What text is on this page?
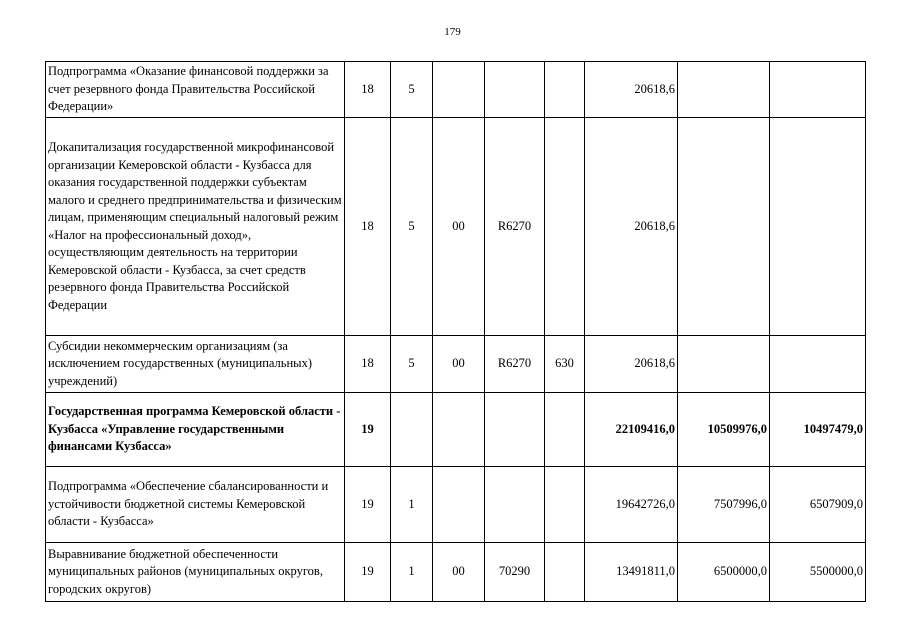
179
Подпрограмма «Оказание финансовой поддержки за счет резервного фонда Правительства Российской Федерации»	18	5				20618,6		
Докапитализация государственной микрофинансовой организации Кемеровской области - Кузбасса для оказания государственной поддержки субъектам малого и среднего предпринимательства и физическим лицам, применяющим специальный налоговый режим «Налог на профессиональный доход», осуществляющим деятельность на территории Кемеровской области - Кузбасса, за счет средств резервного фонда Правительства Российской Федерации	18	5	00	R6270		20618,6		
Субсидии некоммерческим организациям (за исключением государственных (муниципальных) учреждений)	18	5	00	R6270	630	20618,6		
Государственная программа Кемеровской области - Кузбасса «Управление государственными финансами Кузбасса»	19					22109416,0	10509976,0	10497479,0
Подпрограмма «Обеспечение сбалансированности и устойчивости бюджетной системы Кемеровской области - Кузбасса»	19	1				19642726,0	7507996,0	6507909,0
Выравнивание бюджетной обеспеченности муниципальных районов (муниципальных округов, городских округов)	19	1	00	70290		13491811,0	6500000,0	5500000,0
